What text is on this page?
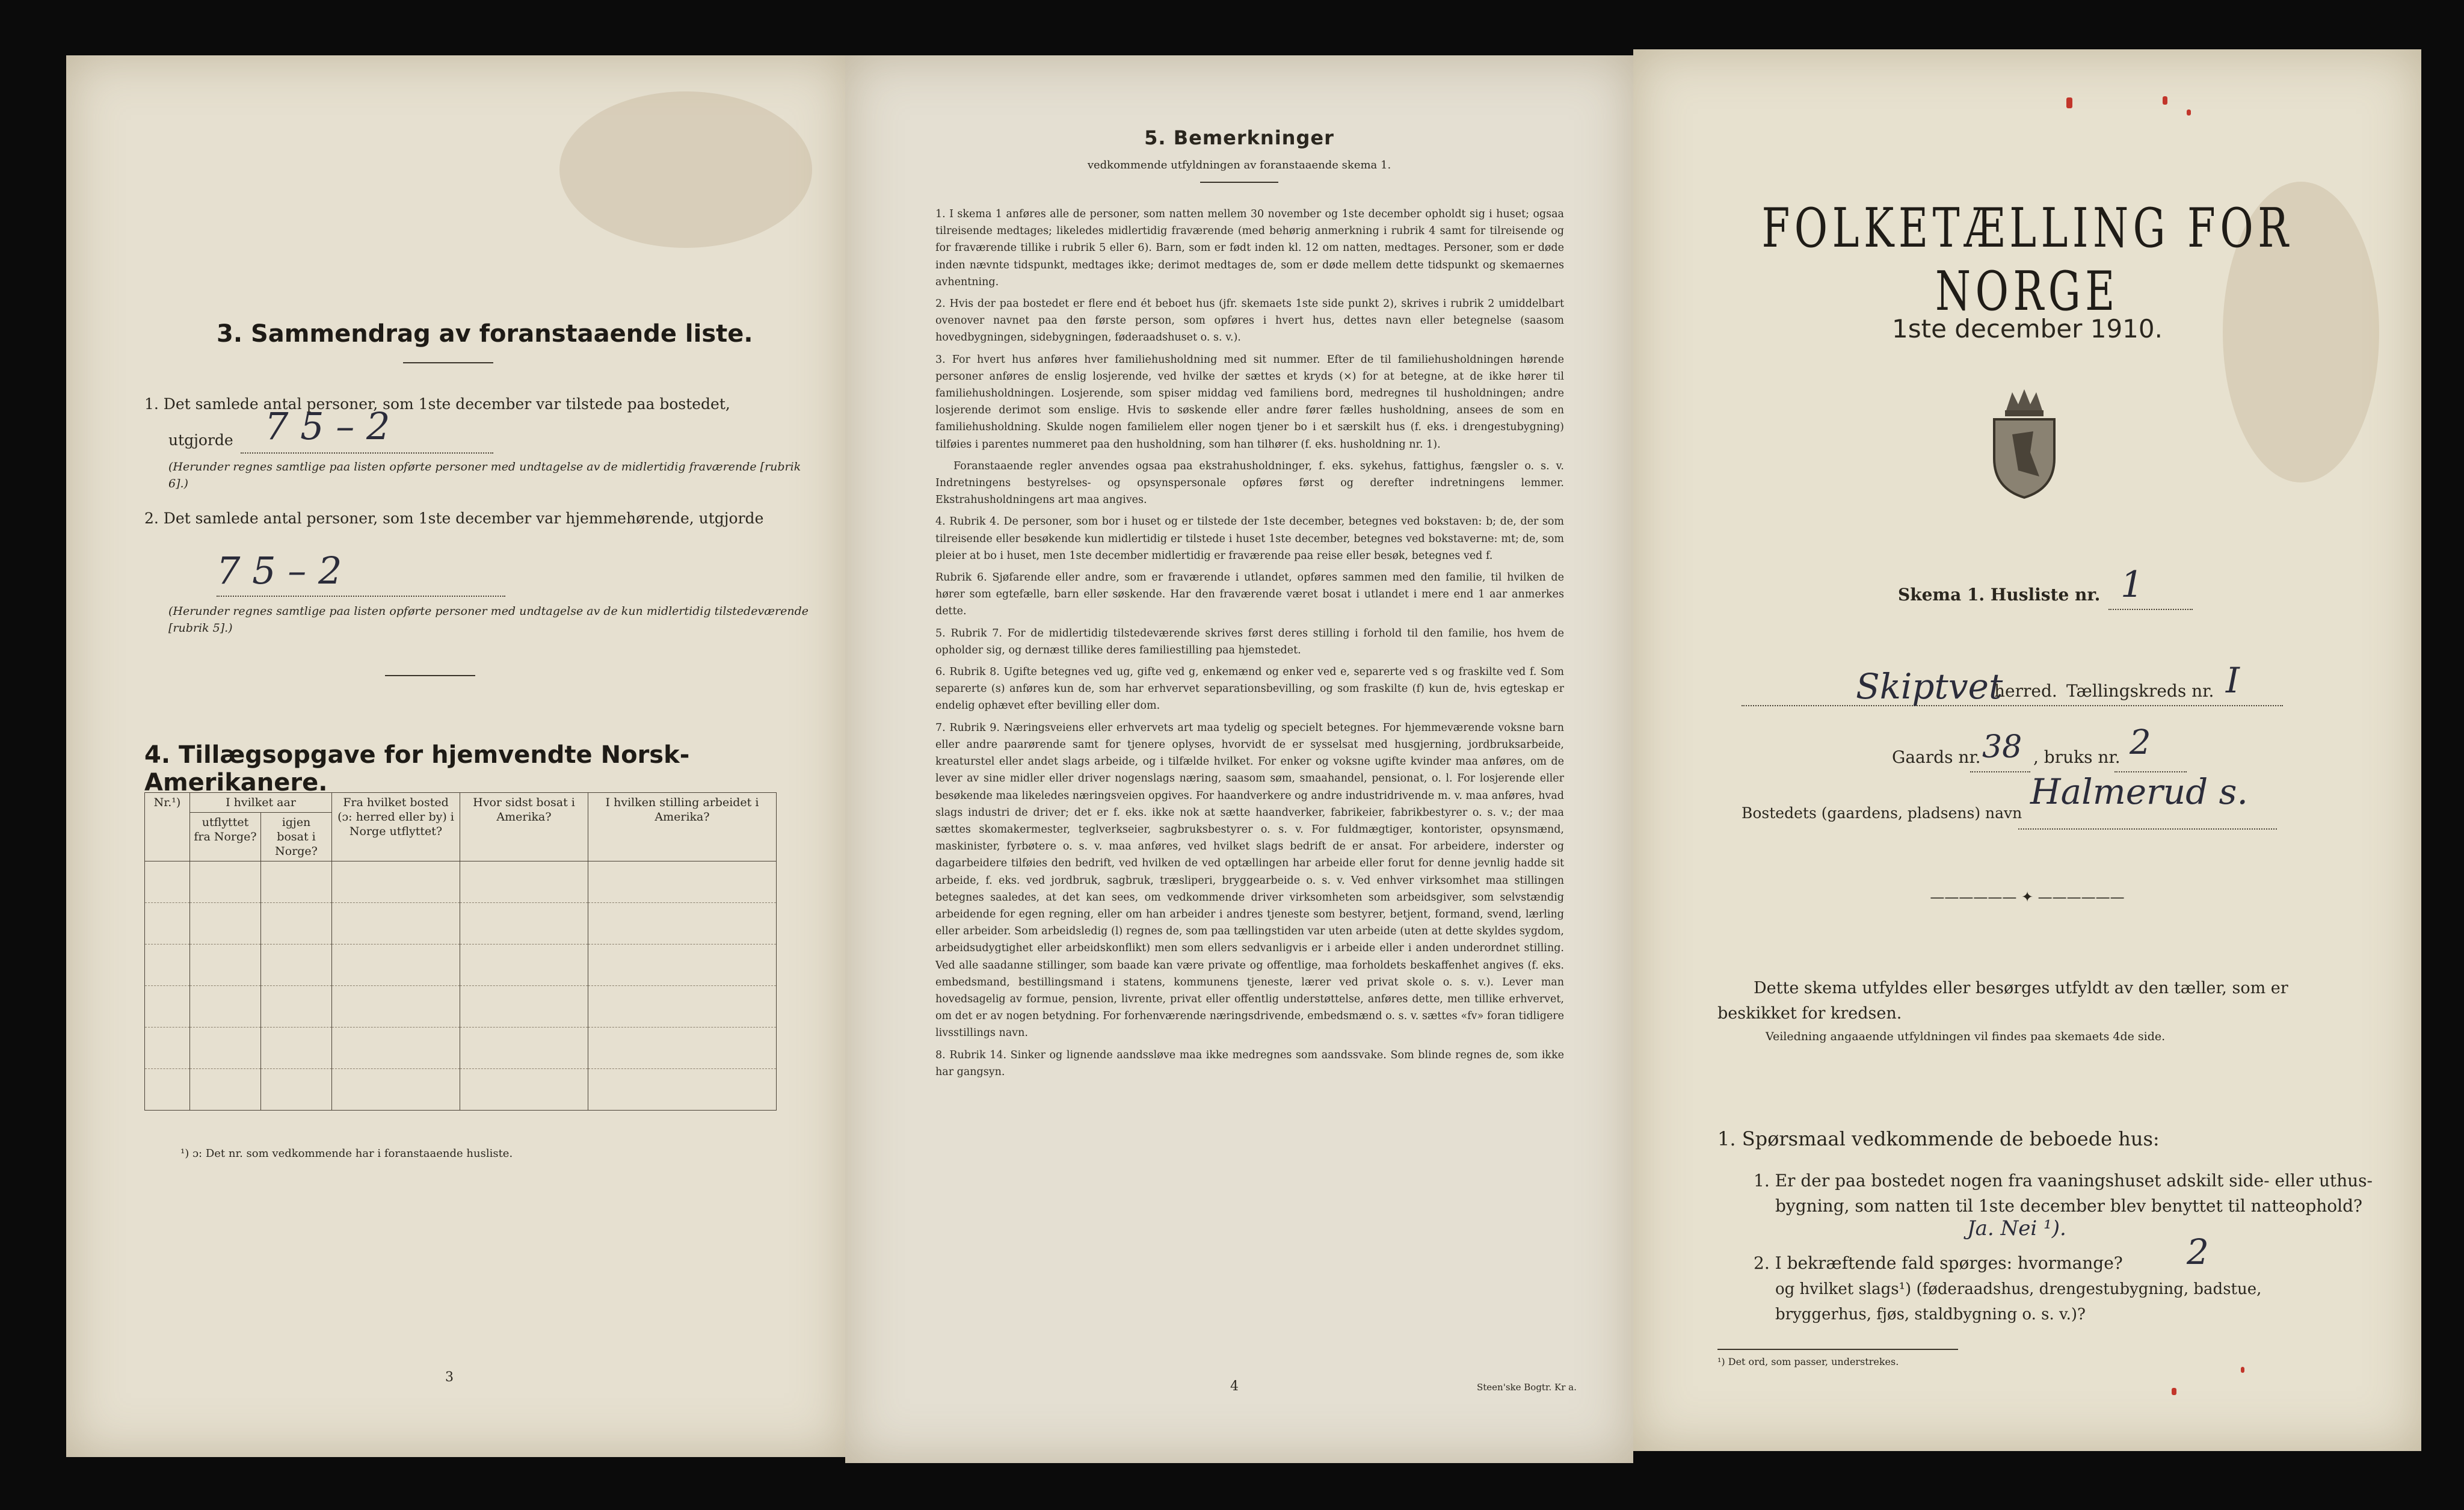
3. Sammendrag av foranstaaende liste.
1. Det samlede antal personer, som 1ste december var tilstede paa bostedet,
utgjorde 7 5 – 2
(Herunder regnes samtlige paa listen opførte personer med undtagelse av de midlertidig fraværende [rubrik 6].)
2. Det samlede antal personer, som 1ste december var hjemmehørende, utgjorde
7 5 – 2
(Herunder regnes samtlige paa listen opførte personer med undtagelse av de kun midlertidig tilstedeværende [rubrik 5].)
4. Tillægsopgave for hjemvendte Norsk-Amerikanere.
Nr.¹)	I hvilket aar		Fra hvilket bosted (ɔ: herred eller by) i Norge utflyttet?	Hvor sidst bosat i Amerika?	I hvilken stilling arbeidet i Amerika?
	utflyttet fra Norge?	igjen bosat i Norge?			

¹) ɔ: Det nr. som vedkommende har i foranstaaende husliste.
3
5. Bemerkninger
vedkommende utfyldningen av foranstaaende skema 1.

1. I skema 1 anføres alle de personer, som natten mellem 30 november og 1ste december opholdt sig i huset; ogsaa tilreisende medtages; likeledes midlertidig fraværende (med behørig anmerkning i rubrik 4 samt for tilreisende og for fraværende tillike i rubrik 5 eller 6). Barn, som er født inden kl. 12 om natten, medtages. Personer, som er døde inden nævnte tidspunkt, medtages ikke; derimot medtages de, som er døde mellem dette tidspunkt og skemaernes avhentning.

2. Hvis der paa bostedet er flere end ét beboet hus (jfr. skemaets 1ste side punkt 2), skrives i rubrik 2 umiddelbart ovenover navnet paa den første person, som opføres i hvert hus, dettes navn eller betegnelse (saasom hovedbygningen, sidebygningen, føderaadshuset o. s. v.).

3. For hvert hus anføres hver familiehusholdning med sit nummer. Efter de til familiehusholdningen hørende personer anføres de enslig losjerende, ved hvilke der sættes et kryds (×) for at betegne, at de ikke hører til familiehusholdningen. Losjerende, som spiser middag ved familiens bord, medregnes til husholdningen; andre losjerende derimot som enslige. Hvis to søskende eller andre fører fælles husholdning, ansees de som en familiehusholdning. Skulde nogen familielem eller nogen tjener bo i et særskilt hus (f. eks. i drengestubygning) tilføies i parentes nummeret paa den husholdning, som han tilhører (f. eks. husholdning nr. 1).

Foranstaaende regler anvendes ogsaa paa ekstrahusholdninger, f. eks. sykehus, fattighus, fængsler o. s. v. Indretningens bestyrelses- og opsynspersonale opføres først og derefter indretningens lemmer. Ekstrahusholdningens art maa angives.

4. Rubrik 4. De personer, som bor i huset og er tilstede der 1ste december, betegnes ved bokstaven: b; de, der som tilreisende eller besøkende kun midlertidig er tilstede i huset 1ste december, betegnes ved bokstaverne: mt; de, som pleier at bo i huset, men 1ste december midlertidig er fraværende paa reise eller besøk, betegnes ved f.

Rubrik 6. Sjøfarende eller andre, som er fraværende i utlandet, opføres sammen med den familie, til hvilken de hører som egtefælle, barn eller søskende. Har den fraværende været bosat i utlandet i mere end 1 aar anmerkes dette.

5. Rubrik 7. For de midlertidig tilstedeværende skrives først deres stilling i forhold til den familie, hos hvem de opholder sig, og dernæst tillike deres familiestilling paa hjemstedet.

6. Rubrik 8. Ugifte betegnes ved ug, gifte ved g, enkemænd og enker ved e, separerte ved s og fraskilte ved f. Som separerte (s) anføres kun de, som har erhvervet separationsbevilling, og som fraskilte (f) kun de, hvis egteskap er endelig ophævet efter bevilling eller dom.

7. Rubrik 9. Næringsveiens eller erhvervets art maa tydelig og specielt betegnes. For hjemmeværende voksne barn eller andre paarørende samt for tjenere oplyses, hvorvidt de er sysselsat med husgjerning, jordbruksarbeide, kreaturstel eller andet slags arbeide, og i tilfælde hvilket. For enker og voksne ugifte kvinder maa anføres, om de lever av sine midler eller driver nogenslags næring, saasom søm, smaahandel, pensionat, o. l. For losjerende eller besøkende maa likeledes næringsveien opgives. For haandverkere og andre industridrivende m. v. maa anføres, hvad slags industri de driver; det er f. eks. ikke nok at sætte haandverker, fabrikeier, fabrikbestyrer o. s. v.; der maa sættes skomakermester, teglverkseier, sagbruksbestyrer o. s. v. For fuldmægtiger, kontorister, opsynsmænd, maskinister, fyrbøtere o. s. v. maa anføres, ved hvilket slags bedrift de er ansat. For arbeidere, inderster og dagarbeidere tilføies den bedrift, ved hvilken de ved optællingen har arbeide eller forut for denne jevnlig hadde sit arbeide, f. eks. ved jordbruk, sagbruk, træsliperi, bryggearbeide o. s. v. Ved enhver virksomhet maa stillingen betegnes saaledes, at det kan sees, om vedkommende driver virksomheten som arbeidsgiver, som selvstændig arbeidende for egen regning, eller om han arbeider i andres tjeneste som bestyrer, betjent, formand, svend, lærling eller arbeider. Som arbeidsledig (l) regnes de, som paa tællingstiden var uten arbeide (uten at dette skyldes sygdom, arbeidsudygtighet eller arbeidskonflikt) men som ellers sedvanligvis er i arbeide eller i anden underordnet stilling. Ved alle saadanne stillinger, som baade kan være private og offentlige, maa forholdets beskaffenhet angives (f. eks. embedsmand, bestillingsmand i statens, kommunens tjeneste, lærer ved privat skole o. s. v.). Lever man hovedsagelig av formue, pension, livrente, privat eller offentlig understøttelse, anføres dette, men tillike erhvervet, om det er av nogen betydning. For forhenværende næringsdrivende, embedsmænd o. s. v. sættes «fv» foran tidligere livsstillings navn.

8. Rubrik 14. Sinker og lignende aandssløve maa ikke medregnes som aandssvake. Som blinde regnes de, som ikke har gangsyn.

4	Steen'ske Bogtr. Kr a.
FOLKETÆLLING FOR NORGE
1ste december 1910.
Skema 1. Husliste nr. 1
Skiptvet
herred. Tællingskreds nr. I
Gaards nr. 38 , bruks nr. 2
Bostedets (gaardens, pladsens) navn
Halmerud s.
—————— ✦ ——————
Dette skema utfyldes eller besørges utfyldt av den tæller, som er beskikket for kredsen.
Veiledning angaaende utfyldningen vil findes paa skemaets 4de side.
1. Spørsmaal vedkommende de beboede hus:
1. Er der paa bostedet nogen fra vaaningshuset adskilt side- eller uthus-bygning, som natten til 1ste december blev benyttet til natteophold?
Ja. Nei ¹).
2. I bekræftende fald spørges: hvormange? 2
og hvilket slags¹) (føderaadshus, drengestubygning, badstue, bryggerhus, fjøs, staldbygning o. s. v.)?
¹) Det ord, som passer, understrekes.
